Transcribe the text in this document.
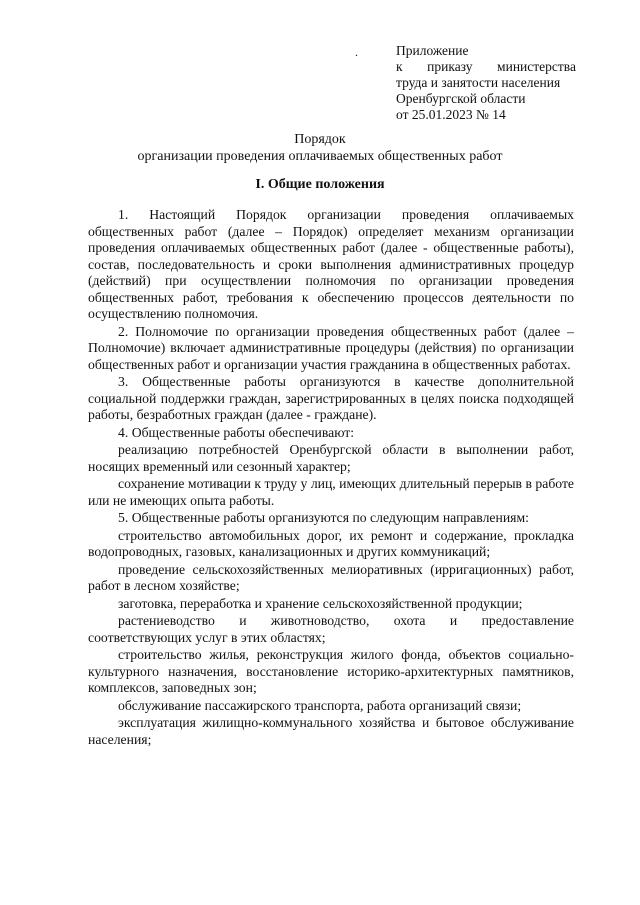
.	Приложение
к приказу министерства
труда и занятости населения
Оренбургской области
от 25.01.2023 № 14
Порядок
организации проведения оплачиваемых общественных работ
I. Общие положения

1. Настоящий Порядок организации проведения оплачиваемых общественных работ (далее – Порядок) определяет механизм организации проведения оплачиваемых общественных работ (далее - общественные работы), состав, последовательность и сроки выполнения административных процедур (действий) при осуществлении полномочия по организации проведения общественных работ, требования к обеспечению процессов деятельности по осуществлению полномочия.

2. Полномочие по организации проведения общественных работ (далее – Полномочие) включает административные процедуры (действия) по организации общественных работ и организации участия гражданина в общественных работах.

3. Общественные работы организуются в качестве дополнительной социальной поддержки граждан, зарегистрированных в целях поиска подходящей работы, безработных граждан (далее - граждане).

4. Общественные работы обеспечивают:

реализацию потребностей Оренбургской области в выполнении работ, носящих временный или сезонный характер;

сохранение мотивации к труду у лиц, имеющих длительный перерыв в работе или не имеющих опыта работы.

5. Общественные работы организуются по следующим направлениям:

строительство автомобильных дорог, их ремонт и содержание, прокладка водопроводных, газовых, канализационных и других коммуникаций;

проведение сельскохозяйственных мелиоративных (ирригационных) работ, работ в лесном хозяйстве;

заготовка, переработка и хранение сельскохозяйственной продукции;

растениеводство и животноводство, охота и предоставление соответствующих услуг в этих областях;

строительство жилья, реконструкция жилого фонда, объектов социально-культурного назначения, восстановление историко-архитектурных памятников, комплексов, заповедных зон;

обслуживание пассажирского транспорта, работа организаций связи;

эксплуатация жилищно-коммунального хозяйства и бытовое обслуживание населения;
